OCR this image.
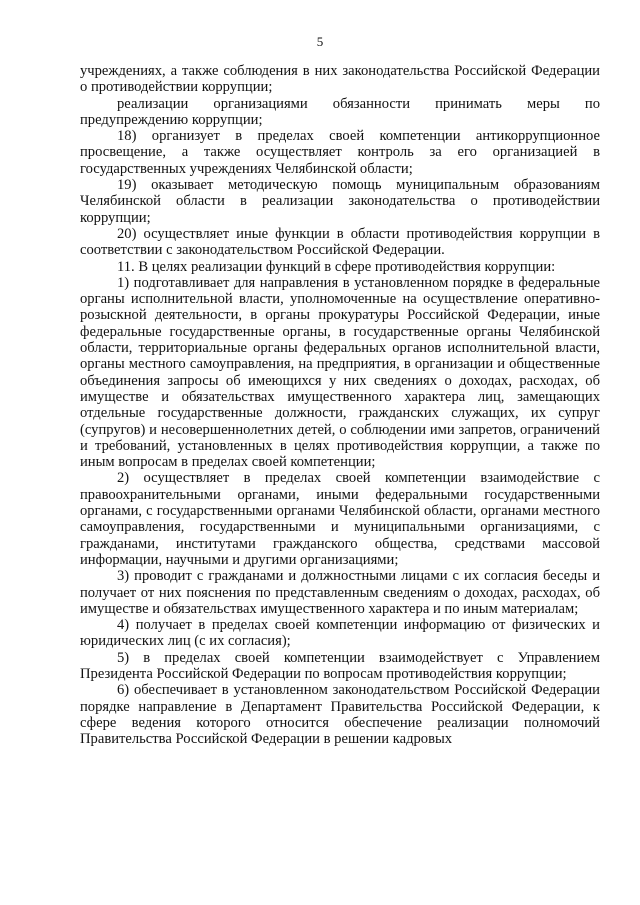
5

учреждениях, а также соблюдения в них законодательства Российской Федерации о противодействии коррупции;

реализации организациями обязанности принимать меры по предупреждению коррупции;

18) организует в пределах своей компетенции антикоррупционное просвещение, а также осуществляет контроль за его организацией в государственных учреждениях Челябинской области;

19) оказывает методическую помощь муниципальным образованиям Челябинской области в реализации законодательства о противодействии коррупции;

20) осуществляет иные функции в области противодействия коррупции в соответствии с законодательством Российской Федерации.

11. В целях реализации функций в сфере противодействия коррупции:

1) подготавливает для направления в установленном порядке в федеральные органы исполнительной власти, уполномоченные на осуществление оперативно-розыскной деятельности, в органы прокуратуры Российской Федерации, иные федеральные государственные органы, в государственные органы Челябинской области, территориальные органы федеральных органов исполнительной власти, органы местного самоуправления, на предприятия, в организации и общественные объединения запросы об имеющихся у них сведениях о доходах, расходах, об имуществе и обязательствах имущественного характера лиц, замещающих отдельные государственные должности, гражданских служащих, их супруг (супругов) и несовершеннолетних детей, о соблюдении ими запретов, ограничений и требований, установленных в целях противодействия коррупции, а также по иным вопросам в пределах своей компетенции;

2) осуществляет в пределах своей компетенции взаимодействие с правоохранительными органами, иными федеральными государственными органами, с государственными органами Челябинской области, органами местного самоуправления, государственными и муниципальными организациями, с гражданами, институтами гражданского общества, средствами массовой информации, научными и другими организациями;

3) проводит с гражданами и должностными лицами с их согласия беседы и получает от них пояснения по представленным сведениям о доходах, расходах, об имуществе и обязательствах имущественного характера и по иным материалам;

4) получает в пределах своей компетенции информацию от физических и юридических лиц (с их согласия);

5) в пределах своей компетенции взаимодействует с Управлением Президента Российской Федерации по вопросам противодействия коррупции;

6) обеспечивает в установленном законодательством Российской Федерации порядке направление в Департамент Правительства Российской Федерации, к сфере ведения которого относится обеспечение реализации полномочий Правительства Российской Федерации в решении кадровых
